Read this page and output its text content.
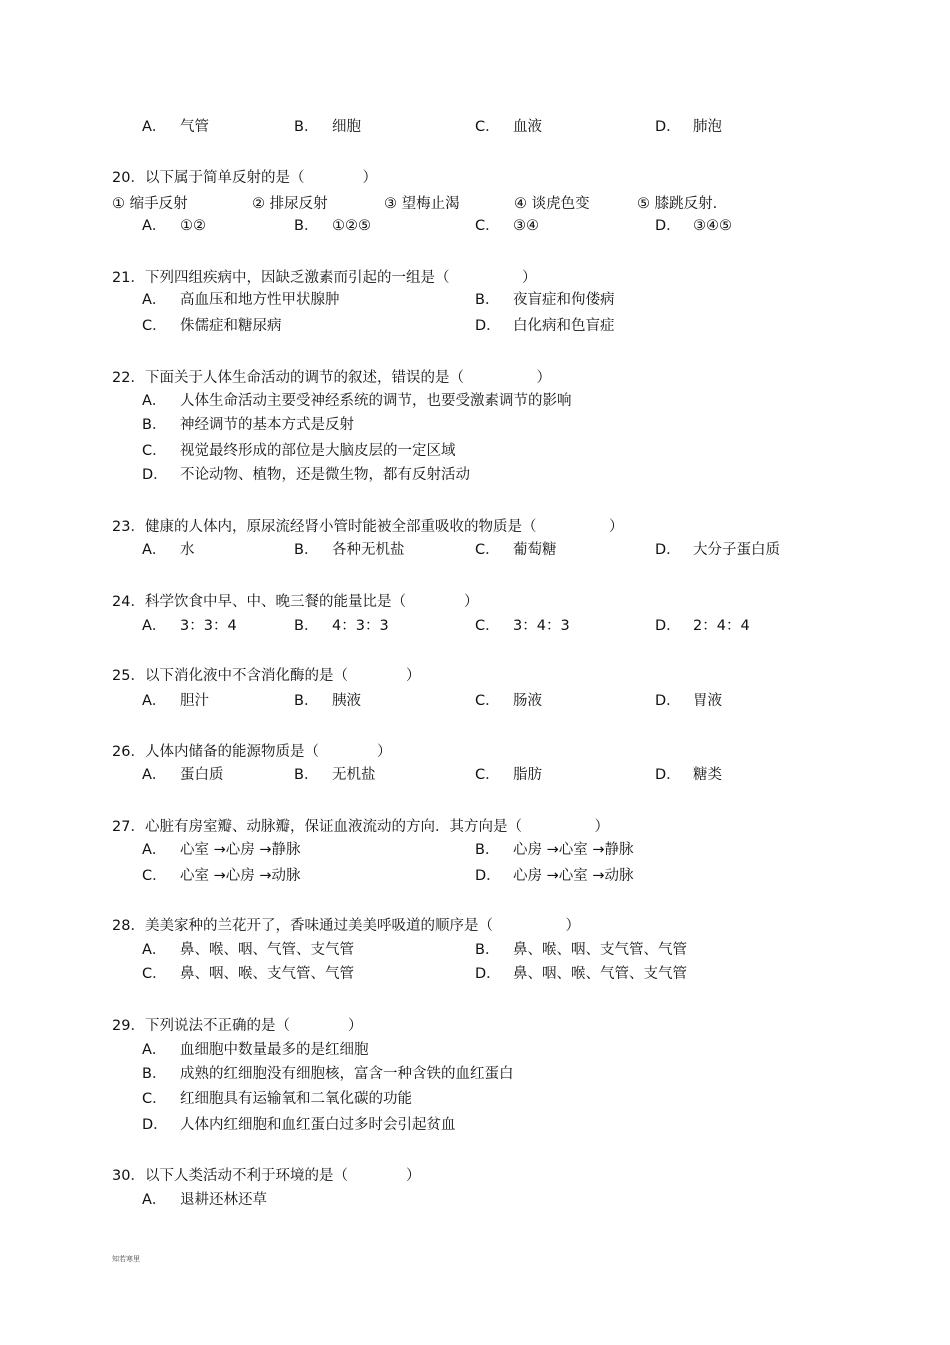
A． 气管	B． 细胞	C． 血液	D． 肺泡
20．以下属于简单反射的是（　　　　）
① 缩手反射	② 排尿反射	③ 望梅止渴	④ 谈虎色变	⑤ 膝跳反射.
A． ①②	B． ①②⑤	C． ③④	D． ③④⑤
21．下列四组疾病中，因缺乏激素而引起的一组是（　　　　　）
A． 高血压和地方性甲状腺肿	B． 夜盲症和佝偻病
C． 侏儒症和糖尿病	D． 白化病和色盲症
22．下面关于人体生命活动的调节的叙述，错误的是（　　　　　）
A． 人体生命活动主要受神经系统的调节，也要受激素调节的影响
B． 神经调节的基本方式是反射
C． 视觉最终形成的部位是大脑皮层的一定区域
D． 不论动物、植物，还是微生物，都有反射活动
23．健康的人体内，原尿流经肾小管时能被全部重吸收的物质是（　　　　　）
A． 水	B． 各种无机盐	C． 葡萄糖	D． 大分子蛋白质
24．科学饮食中早、中、晚三餐的能量比是（　　　　）
A． 3：3：4	B． 4：3：3	C． 3：4：3	D． 2：4：4
25．以下消化液中不含消化酶的是（　　　　）
A． 胆汁	B． 胰液	C． 肠液	D． 胃液
26．人体内储备的能源物质是（　　　　）
A． 蛋白质	B． 无机盐	C． 脂肪	D． 糖类
27．心脏有房室瓣、动脉瓣，保证血液流动的方向．其方向是（　　　　　）
A． 心室 →心房 →静脉	B． 心房 →心室 →静脉
C． 心室 →心房 →动脉	D． 心房 →心室 →动脉
28．美美家种的兰花开了，香味通过美美呼吸道的顺序是（　　　　　）
A． 鼻、喉、咽、气管、支气管	B． 鼻、喉、咽、支气管、气管
C． 鼻、咽、喉、支气管、气管	D． 鼻、咽、喉、气管、支气管
29．下列说法不正确的是（　　　　）
A． 血细胞中数量最多的是红细胞
B． 成熟的红细胞没有细胞核，富含一种含铁的血红蛋白
C． 红细胞具有运输氧和二氧化碳的功能
D． 人体内红细胞和血红蛋白过多时会引起贫血
30．以下人类活动不利于环境的是（　　　　）
A． 退耕还林还草
知若寒里
